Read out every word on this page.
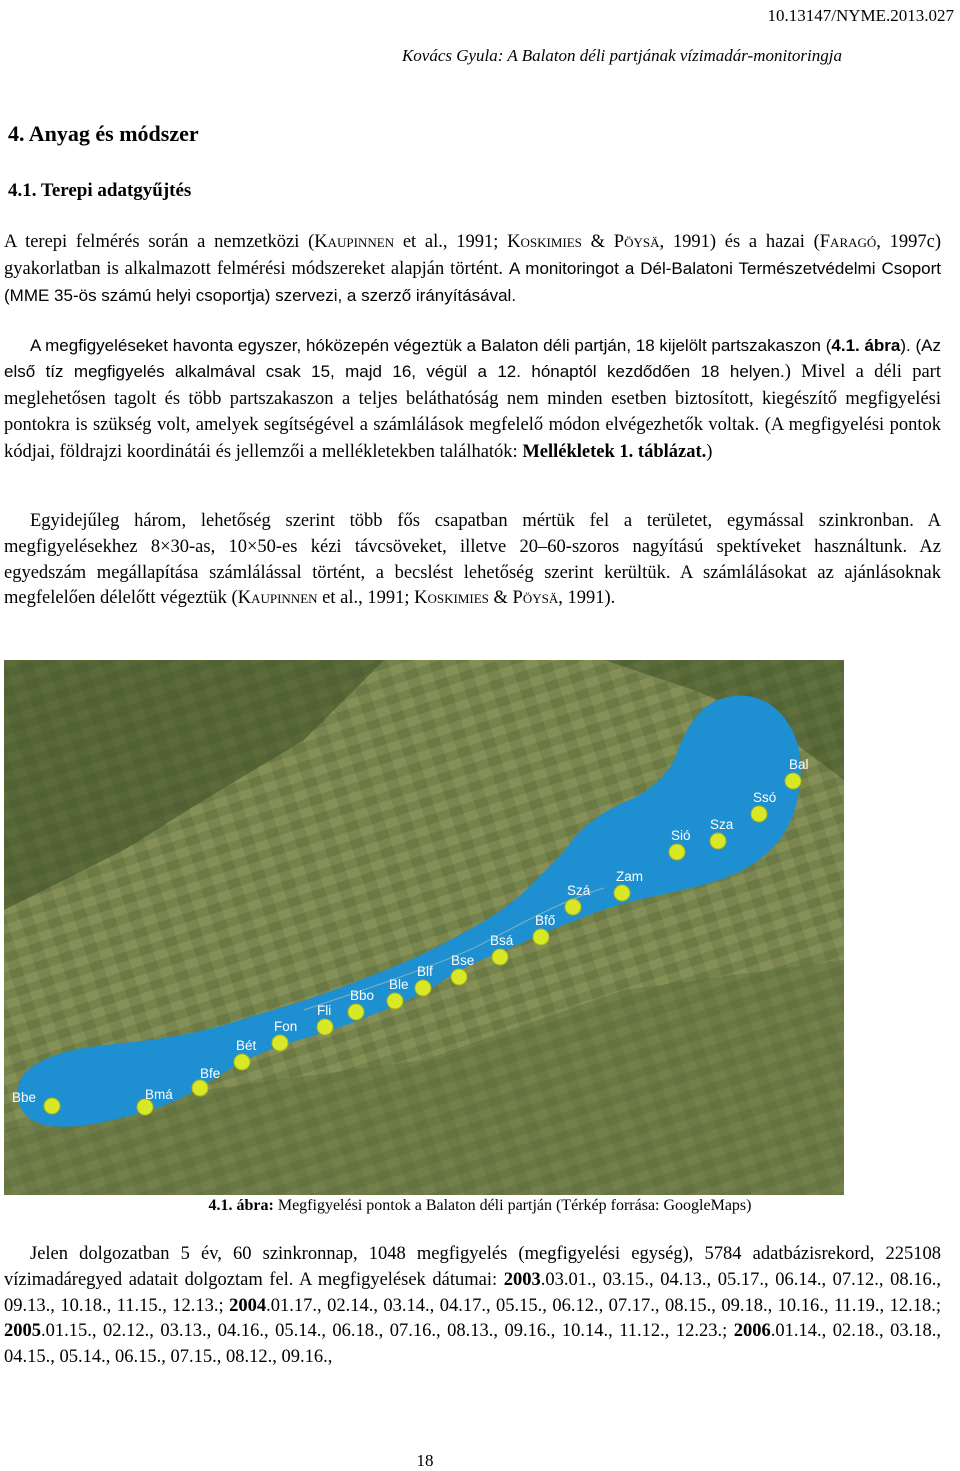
10.13147/NYME.2013.027
Kovács Gyula: A Balaton déli partjának vízimadár-monitoringja
4. Anyag és módszer
4.1. Terepi adatgyűjtés
A terepi felmérés során a nemzetközi (Kaupinnen et al., 1991; Koskimies & Pöysä, 1991) és a hazai (Faragó, 1997c) gyakorlatban is alkalmazott felmérési módszereket alapján történt. A monitoringot a Dél-Balatoni Természetvédelmi Csoport (MME 35-ös számú helyi csoportja) szervezi, a szerző irányításával.
A megfigyeléseket havonta egyszer, hóközepén végeztük a Balaton déli partján, 18 kijelölt partszakaszon (4.1. ábra). (Az első tíz megfigyelés alkalmával csak 15, majd 16, végül a 12. hónaptól kezdődően 18 helyen.) Mivel a déli part meglehetősen tagolt és több partszakaszon a teljes beláthatóság nem minden esetben biztosított, kiegészítő megfigyelési pontokra is szükség volt, amelyek segítségével a számlálások megfelelő módon elvégezhetők voltak. (A megfigyelési pontok kódjai, földrajzi koordinátái és jellemzői a mellékletekben találhatók: Mellékletek 1. táblázat.)
Egyidejűleg három, lehetőség szerint több fős csapatban mértük fel a területet, egymással szinkronban. A megfigyelésekhez 8×30-as, 10×50-es kézi távcsöveket, illetve 20–60-szoros nagyítású spektíveket használtunk. Az egyedszám megállapítása számlálással történt, a becslést lehetőség szerint kerültük. A számlálásokat az ajánlásoknak megfelelően délelőtt végeztük (Kaupinnen et al., 1991; Koskimies & Pöysä, 1991).
Bbe	Bmá
Bfe
Bét
Fon
Fli
Bbo
Ble
Blf
Bse
Bsá
Bfő
Szá
Zam
Sió
Sza
Ssó
Bal
4.1. ábra: Megfigyelési pontok a Balaton déli partján (Térkép forrása: GoogleMaps)
Jelen dolgozatban 5 év, 60 szinkronnap, 1048 megfigyelés (megfigyelési egység), 5784 adatbázisrekord, 225108 vízimadáregyed adatait dolgoztam fel. A megfigyelések dátumai: 2003.03.01., 03.15., 04.13., 05.17., 06.14., 07.12., 08.16., 09.13., 10.18., 11.15., 12.13.; 2004.01.17., 02.14., 03.14., 04.17., 05.15., 06.12., 07.17., 08.15., 09.18., 10.16., 11.19., 12.18.; 2005.01.15., 02.12., 03.13., 04.16., 05.14., 06.18., 07.16., 08.13., 09.16., 10.14., 11.12., 12.23.; 2006.01.14., 02.18., 03.18., 04.15., 05.14., 06.15., 07.15., 08.12., 09.16.,
18
